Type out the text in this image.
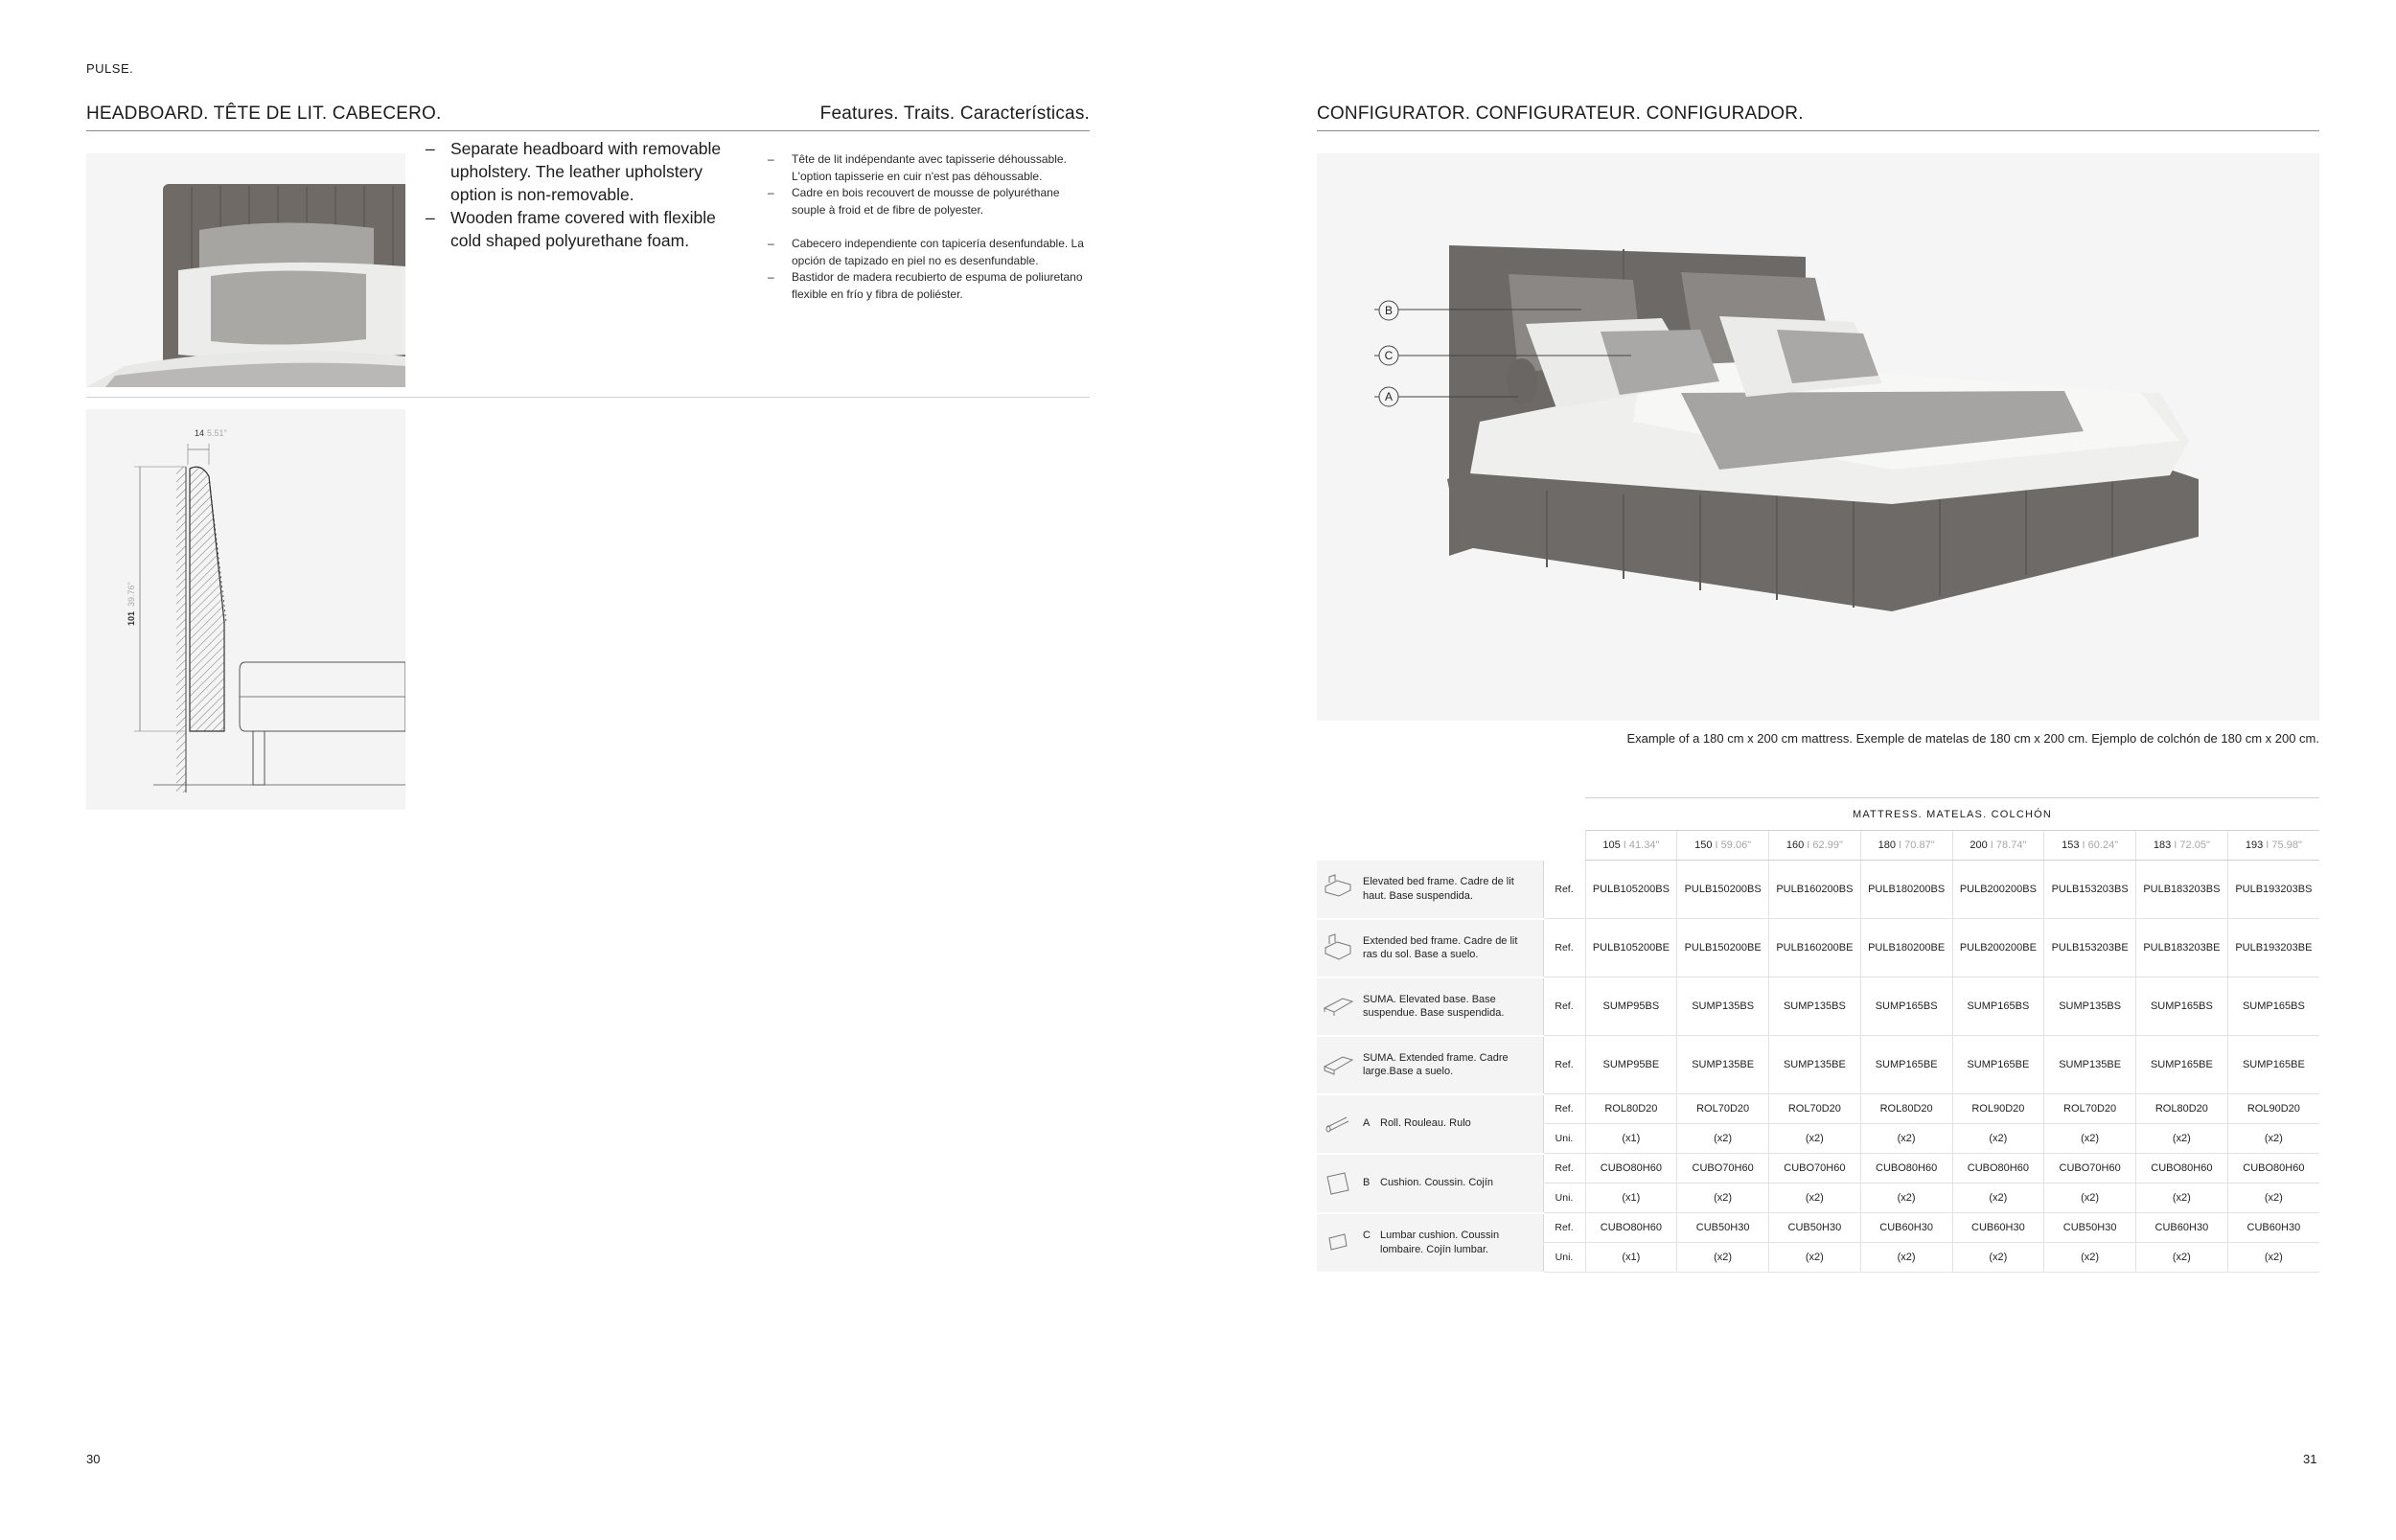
PULSE.
HEADBOARD. TÊTE DE LIT. CABECERO.	Features. Traits. Características.
– Separate headboard with removable upholstery. The leather upholstery option is non-removable.
– Wooden frame covered with flexible cold shaped polyurethane foam.
– Tête de lit indépendante avec tapisserie déhoussable. L'option tapisserie en cuir n'est pas déhoussable.
– Cadre en bois recouvert de mousse de polyuréthane souple à froid et de fibre de polyester.
– Cabecero independiente con tapicería desenfundable. La opción de tapizado en piel no es desenfundable.
– Bastidor de madera recubierto de espuma de poliuretano flexible en frío y fibra de poliéster.
14 5.51"
101
39.76"
30
CONFIGURATOR. CONFIGURATEUR. CONFIGURADOR.
B
C
A
Example of a 180 cm x 200 cm mattress. Exemple de matelas de 180 cm x 200 cm. Ejemplo de colchón de 180 cm x 200 cm.
MATTRESS. MATELAS. COLCHÓN
			105 I 41.34"	150 I 59.06"	160 I 62.99"	180 I 70.87"	200 I 78.74"	153 I 60.24"	183 I 72.05"	193 I 75.98"

Elevated bed frame. Cadre de lit haut. Base suspendida.	Ref.	PULB105200BS	PULB150200BS	PULB160200BS	PULB180200BS	PULB200200BS	PULB153203BS	PULB183203BS	PULB193203BS

Extended bed frame. Cadre de lit ras du sol. Base a suelo.	Ref.	PULB105200BE	PULB150200BE	PULB160200BE	PULB180200BE	PULB200200BE	PULB153203BE	PULB183203BE	PULB193203BE

SUMA. Elevated base. Base suspendue. Base suspendida.	Ref.	SUMP95BS	SUMP135BS	SUMP135BS	SUMP165BS	SUMP165BS	SUMP135BS	SUMP165BS	SUMP165BS

SUMA. Extended frame. Cadre large.Base a suelo.	Ref.	SUMP95BE	SUMP135BE	SUMP135BE	SUMP165BE	SUMP165BE	SUMP135BE	SUMP165BE	SUMP165BE

A Roll. Rouleau. Rulo	Ref.	ROL80D20	ROL70D20	ROL70D20	ROL80D20	ROL90D20	ROL70D20	ROL80D20	ROL90D20
		Uni.	(x1)	(x2)	(x2)	(x2)	(x2)	(x2)	(x2)	(x2)

B Cushion. Coussin. Cojín	Ref.	CUBO80H60	CUBO70H60	CUBO70H60	CUBO80H60	CUBO80H60	CUBO70H60	CUBO80H60	CUBO80H60
		Uni.	(x1)	(x2)	(x2)	(x2)	(x2)	(x2)	(x2)	(x2)

C Lumbar cushion. Coussin lombaire. Cojín lumbar.	Ref.	CUBO80H60	CUB50H30	CUB50H30	CUB60H30	CUB60H30	CUB50H30	CUB60H30	CUB60H30
		Uni.	(x1)	(x2)	(x2)	(x2)	(x2)	(x2)	(x2)	(x2)
31
